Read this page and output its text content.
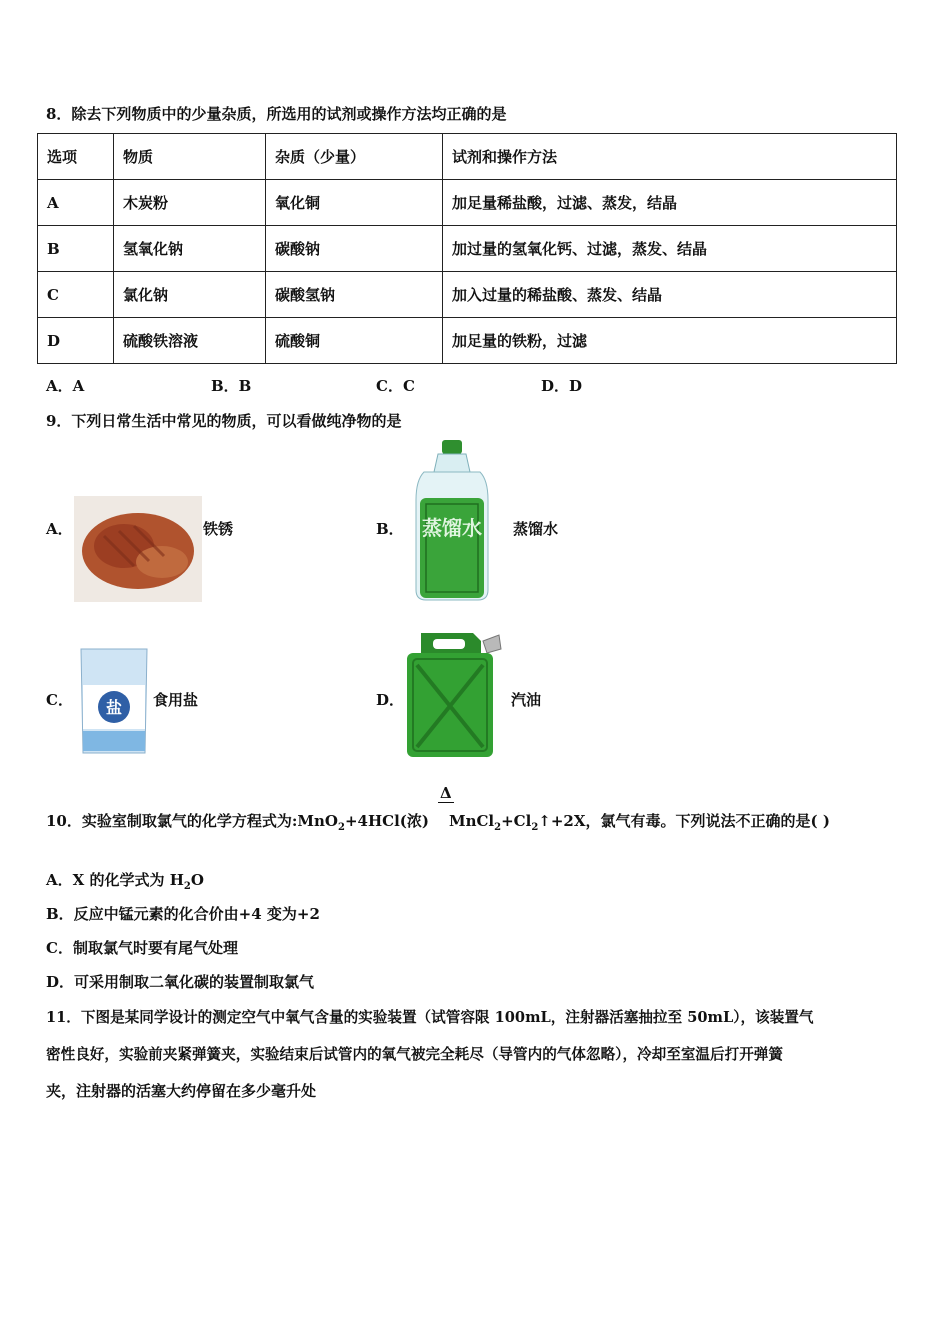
8．除去下列物质中的少量杂质，所选用的试剂或操作方法均正确的是
选项	物质	杂质（少量）	试剂和操作方法
A	木炭粉	氧化铜	加足量稀盐酸，过滤、蒸发，结晶
B	氢氧化钠	碳酸钠	加过量的氢氧化钙、过滤，蒸发、结晶
C	氯化钠	碳酸氢钠	加入过量的稀盐酸、蒸发、结晶
D	硫酸铁溶液	硫酸铜	加足量的铁粉，过滤
A．A	B．B	C．C	D．D
9．下列日常生活中常见的物质，可以看做纯净物的是
A．	铁锈	B． 蒸馏水 蒸馏水
C． 盐 食用盐	D．	汽油
Δ
10．实验室制取氯气的化学方程式为:MnO$_2$+4HCl(浓) $MnCl_2+Cl_2↑+2X$，氯气有毒。下列说法不正确的是( )
A．X 的化学式为 $H_2O$
B．反应中锰元素的化合价由+4 变为+2
C．制取氯气时要有尾气处理
D．可采用制取二氧化碳的装置制取氯气
11．下图是某同学设计的测定空气中氧气含量的实验装置（试管容限 100mL，注射器活塞抽拉至 50mL），该装置气
密性良好，实验前夹紧弹簧夹，实验结束后试管内的氧气被完全耗尽（导管内的气体忽略），冷却至室温后打开弹簧
夹，注射器的活塞大约停留在多少毫升处
